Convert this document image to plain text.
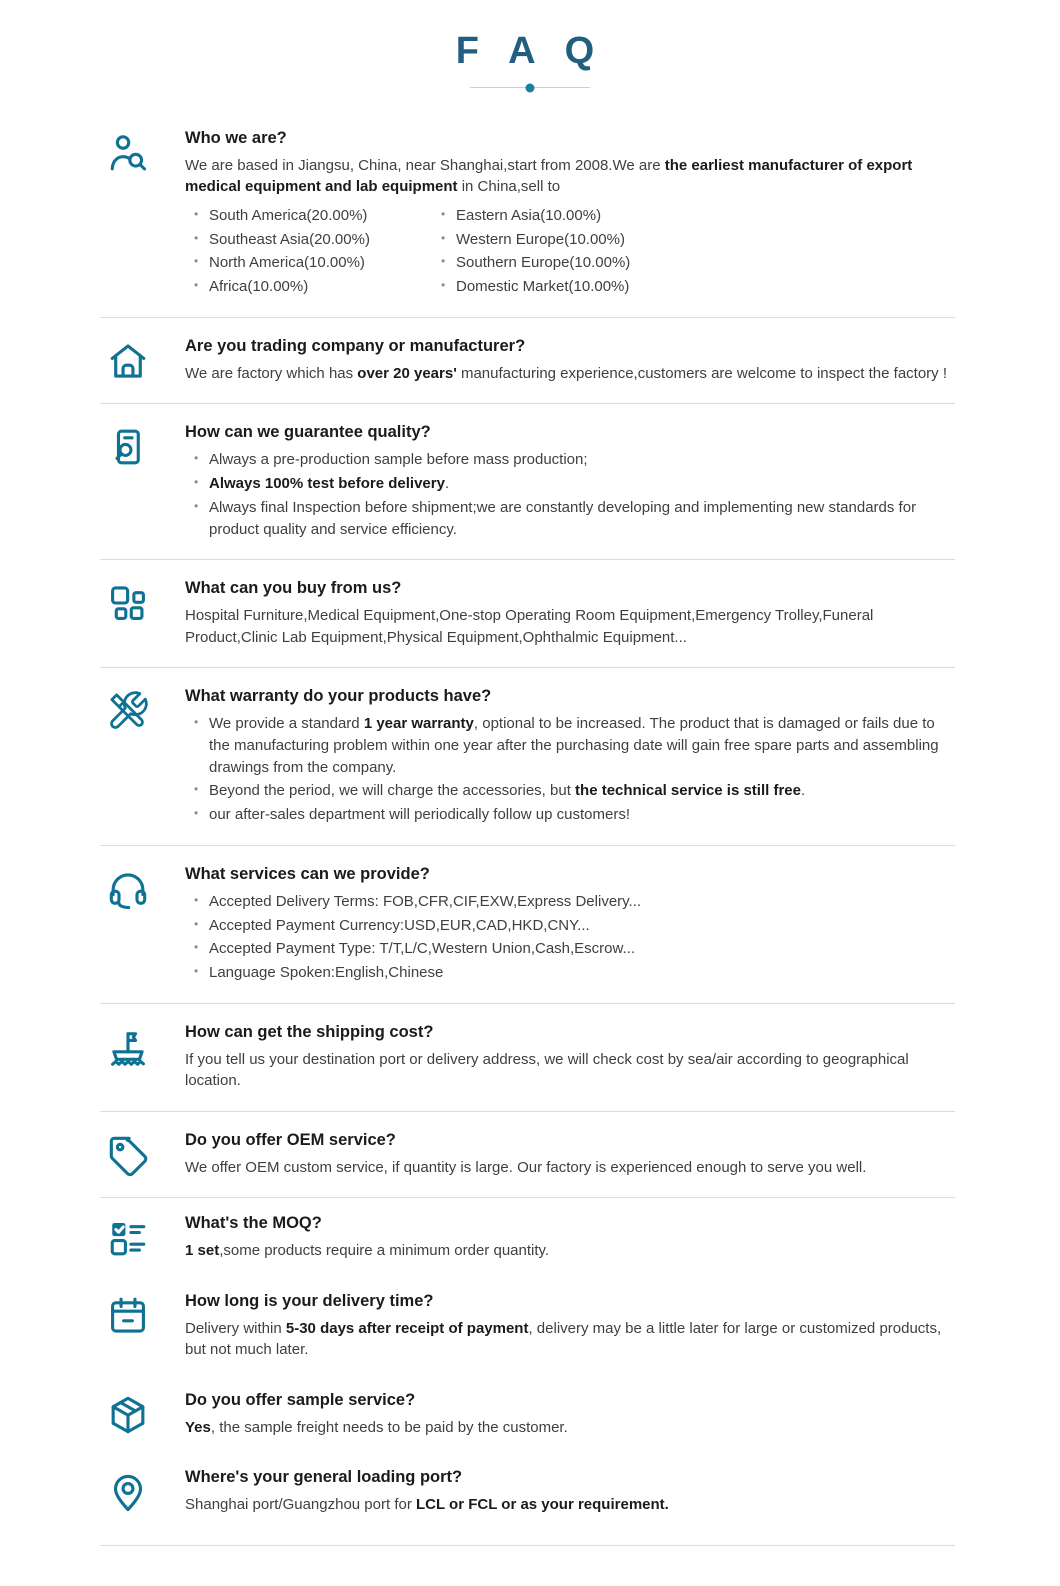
F A Q
Who we are?

We are based in Jiangsu, China, near Shanghai,start from 2008.We are the earliest manufacturer of export medical equipment and lab equipment in China,sell to

• South America(20.00%)
• Southeast Asia(20.00%)
• North America(10.00%)
• Africa(10.00%)
• Eastern Asia(10.00%)
• Western Europe(10.00%)
• Southern Europe(10.00%)
• Domestic Market(10.00%)
Are you trading company or manufacturer?

We are factory which has over 20 years' manufacturing experience,customers are welcome to inspect the factory !

How can we guarantee quality?
• Always a pre-production sample before mass production;
• Always 100% test before delivery.
• Always final Inspection before shipment;we are constantly developing and implementing new standards for product quality and service efficiency.
What can you buy from us?

Hospital Furniture,Medical Equipment,One-stop Operating Room Equipment,Emergency Trolley,Funeral Product,Clinic Lab Equipment,Physical Equipment,Ophthalmic Equipment...

What warranty do your products have?
• We provide a standard 1 year warranty, optional to be increased. The product that is damaged or fails due to the manufacturing problem within one year after the purchasing date will gain free spare parts and assembling drawings from the company.
• Beyond the period, we will charge the accessories, but the technical service is still free.
• our after-sales department will periodically follow up customers!
What services can we provide?
• Accepted Delivery Terms: FOB,CFR,CIF,EXW,Express Delivery...
• Accepted Payment Currency:USD,EUR,CAD,HKD,CNY...
• Accepted Payment Type: T/T,L/C,Western Union,Cash,Escrow...
• Language Spoken:English,Chinese
How can get the shipping cost?

If you tell us your destination port or delivery address, we will check cost by sea/air according to geographical location.

Do you offer OEM service?

We offer OEM custom service, if quantity is large. Our factory is experienced enough to serve you well.

What's the MOQ?

1 set,some products require a minimum order quantity.

How long is your delivery time?

Delivery within 5-30 days after receipt of payment, delivery may be a little later for large or customized products, but not much later.

Do you offer sample service?

Yes, the sample freight needs to be paid by the customer.

Where's your general loading port?

Shanghai port/Guangzhou port for LCL or FCL or as your requirement.
